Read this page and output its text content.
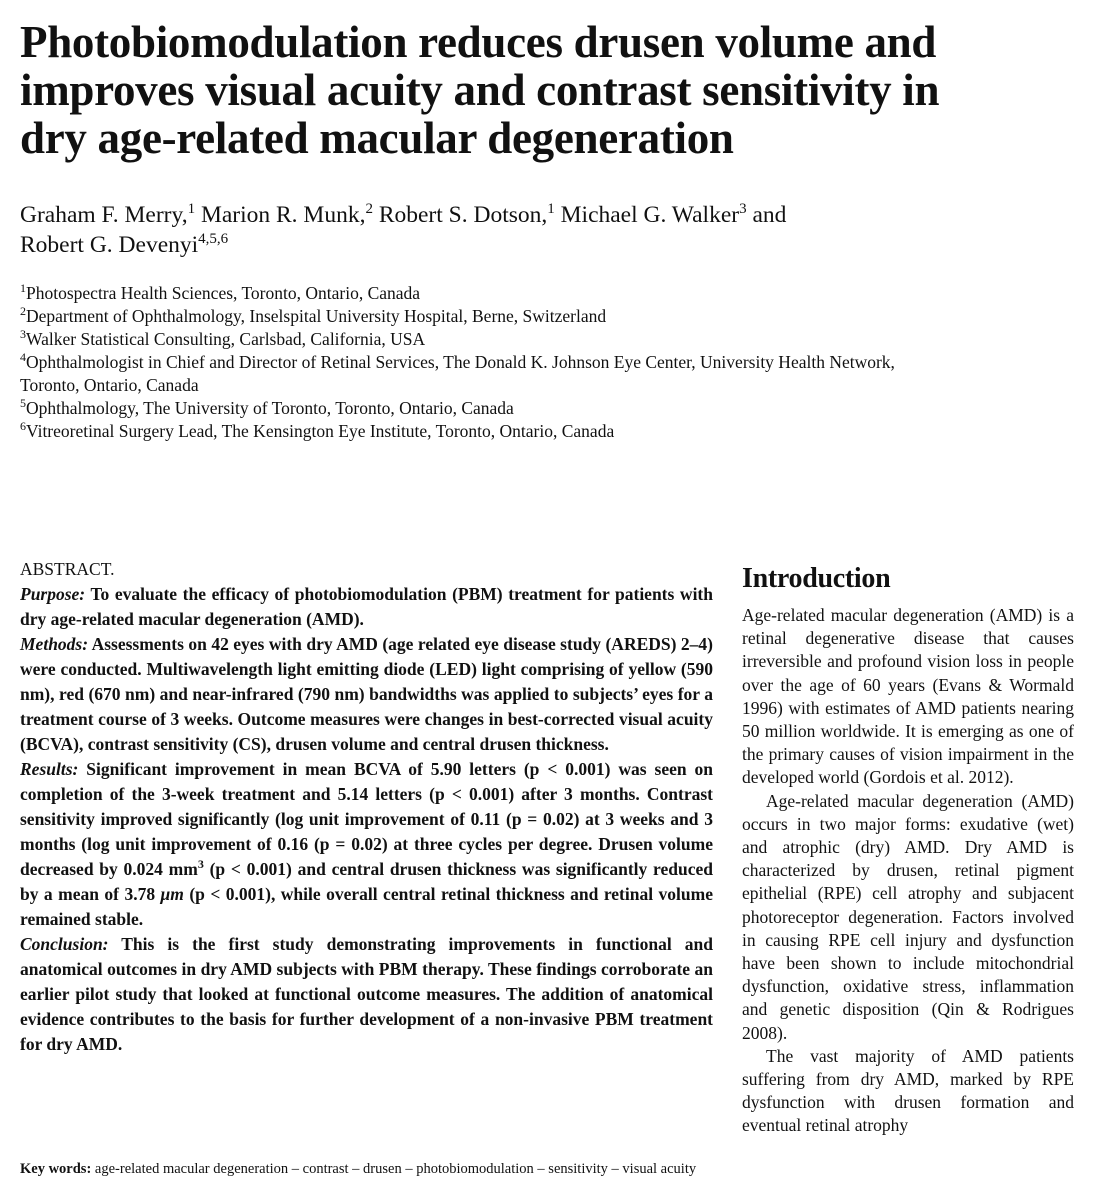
Photobiomodulation reduces drusen volume and
improves visual acuity and contrast sensitivity in
dry age-related macular degeneration
Graham F. Merry,$^1$ Marion R. Munk,$^2$ Robert S. Dotson,$^1$ Michael G. Walker$^3$ and
Robert G. Devenyi$^{4,5,6}$
$^1$Photospectra Health Sciences, Toronto, Ontario, Canada
$^2$Department of Ophthalmology, Inselspital University Hospital, Berne, Switzerland
$^3$Walker Statistical Consulting, Carlsbad, California, USA
$^4$Ophthalmologist in Chief and Director of Retinal Services, The Donald K. Johnson Eye Center, University Health Network,
Toronto, Ontario, Canada
$^5$Ophthalmology, The University of Toronto, Toronto, Ontario, Canada
$^6$Vitreoretinal Surgery Lead, The Kensington Eye Institute, Toronto, Ontario, Canada
ABSTRACT.
Purpose: To evaluate the efficacy of photobiomodulation (PBM) treatment for patients with dry age-related macular degeneration (AMD).
Methods: Assessments on 42 eyes with dry AMD (age related eye disease study (AREDS) 2–4) were conducted. Multiwavelength light emitting diode (LED) light comprising of yellow (590 nm), red (670 nm) and near-infrared (790 nm) bandwidths was applied to subjects’ eyes for a treatment course of 3 weeks. Outcome measures were changes in best-corrected visual acuity (BCVA), contrast sensitivity (CS), drusen volume and central drusen thickness.
Results: Significant improvement in mean BCVA of 5.90 letters (p < 0.001) was seen on completion of the 3-week treatment and 5.14 letters (p < 0.001) after 3 months. Contrast sensitivity improved significantly (log unit improvement of 0.11 (p = 0.02) at 3 weeks and 3 months (log unit improvement of 0.16 (p = 0.02) at three cycles per degree. Drusen volume decreased by 0.024 $mm^3$ (p < 0.001) and central drusen thickness was significantly reduced by a mean of 3.78 μm (p < 0.001), while overall central retinal thickness and retinal volume remained stable.
Conclusion: This is the first study demonstrating improvements in functional and anatomical outcomes in dry AMD subjects with PBM therapy. These findings corroborate an earlier pilot study that looked at functional outcome measures. The addition of anatomical evidence contributes to the basis for further development of a non-invasive PBM treatment for dry AMD.
Key words: age-related macular degeneration – contrast – drusen – photobiomodulation – sensitivity – visual acuity
Introduction

Age-related macular degeneration (AMD) is a retinal degenerative disease that causes irreversible and profound vision loss in people over the age of 60 years (Evans & Wormald 1996) with estimates of AMD patients nearing 50 million worldwide. It is emerging as one of the primary causes of vision impairment in the developed world (Gordois et al. 2012).

Age-related macular degeneration (AMD) occurs in two major forms: exudative (wet) and atrophic (dry) AMD. Dry AMD is characterized by drusen, retinal pigment epithelial (RPE) cell atrophy and subjacent photoreceptor degeneration. Factors involved in causing RPE cell injury and dysfunction have been shown to include mitochondrial dysfunction, oxidative stress, inflammation and genetic disposition (Qin & Rodrigues 2008).

The vast majority of AMD patients suffering from dry AMD, marked by RPE dysfunction with drusen formation and eventual retinal atrophy
